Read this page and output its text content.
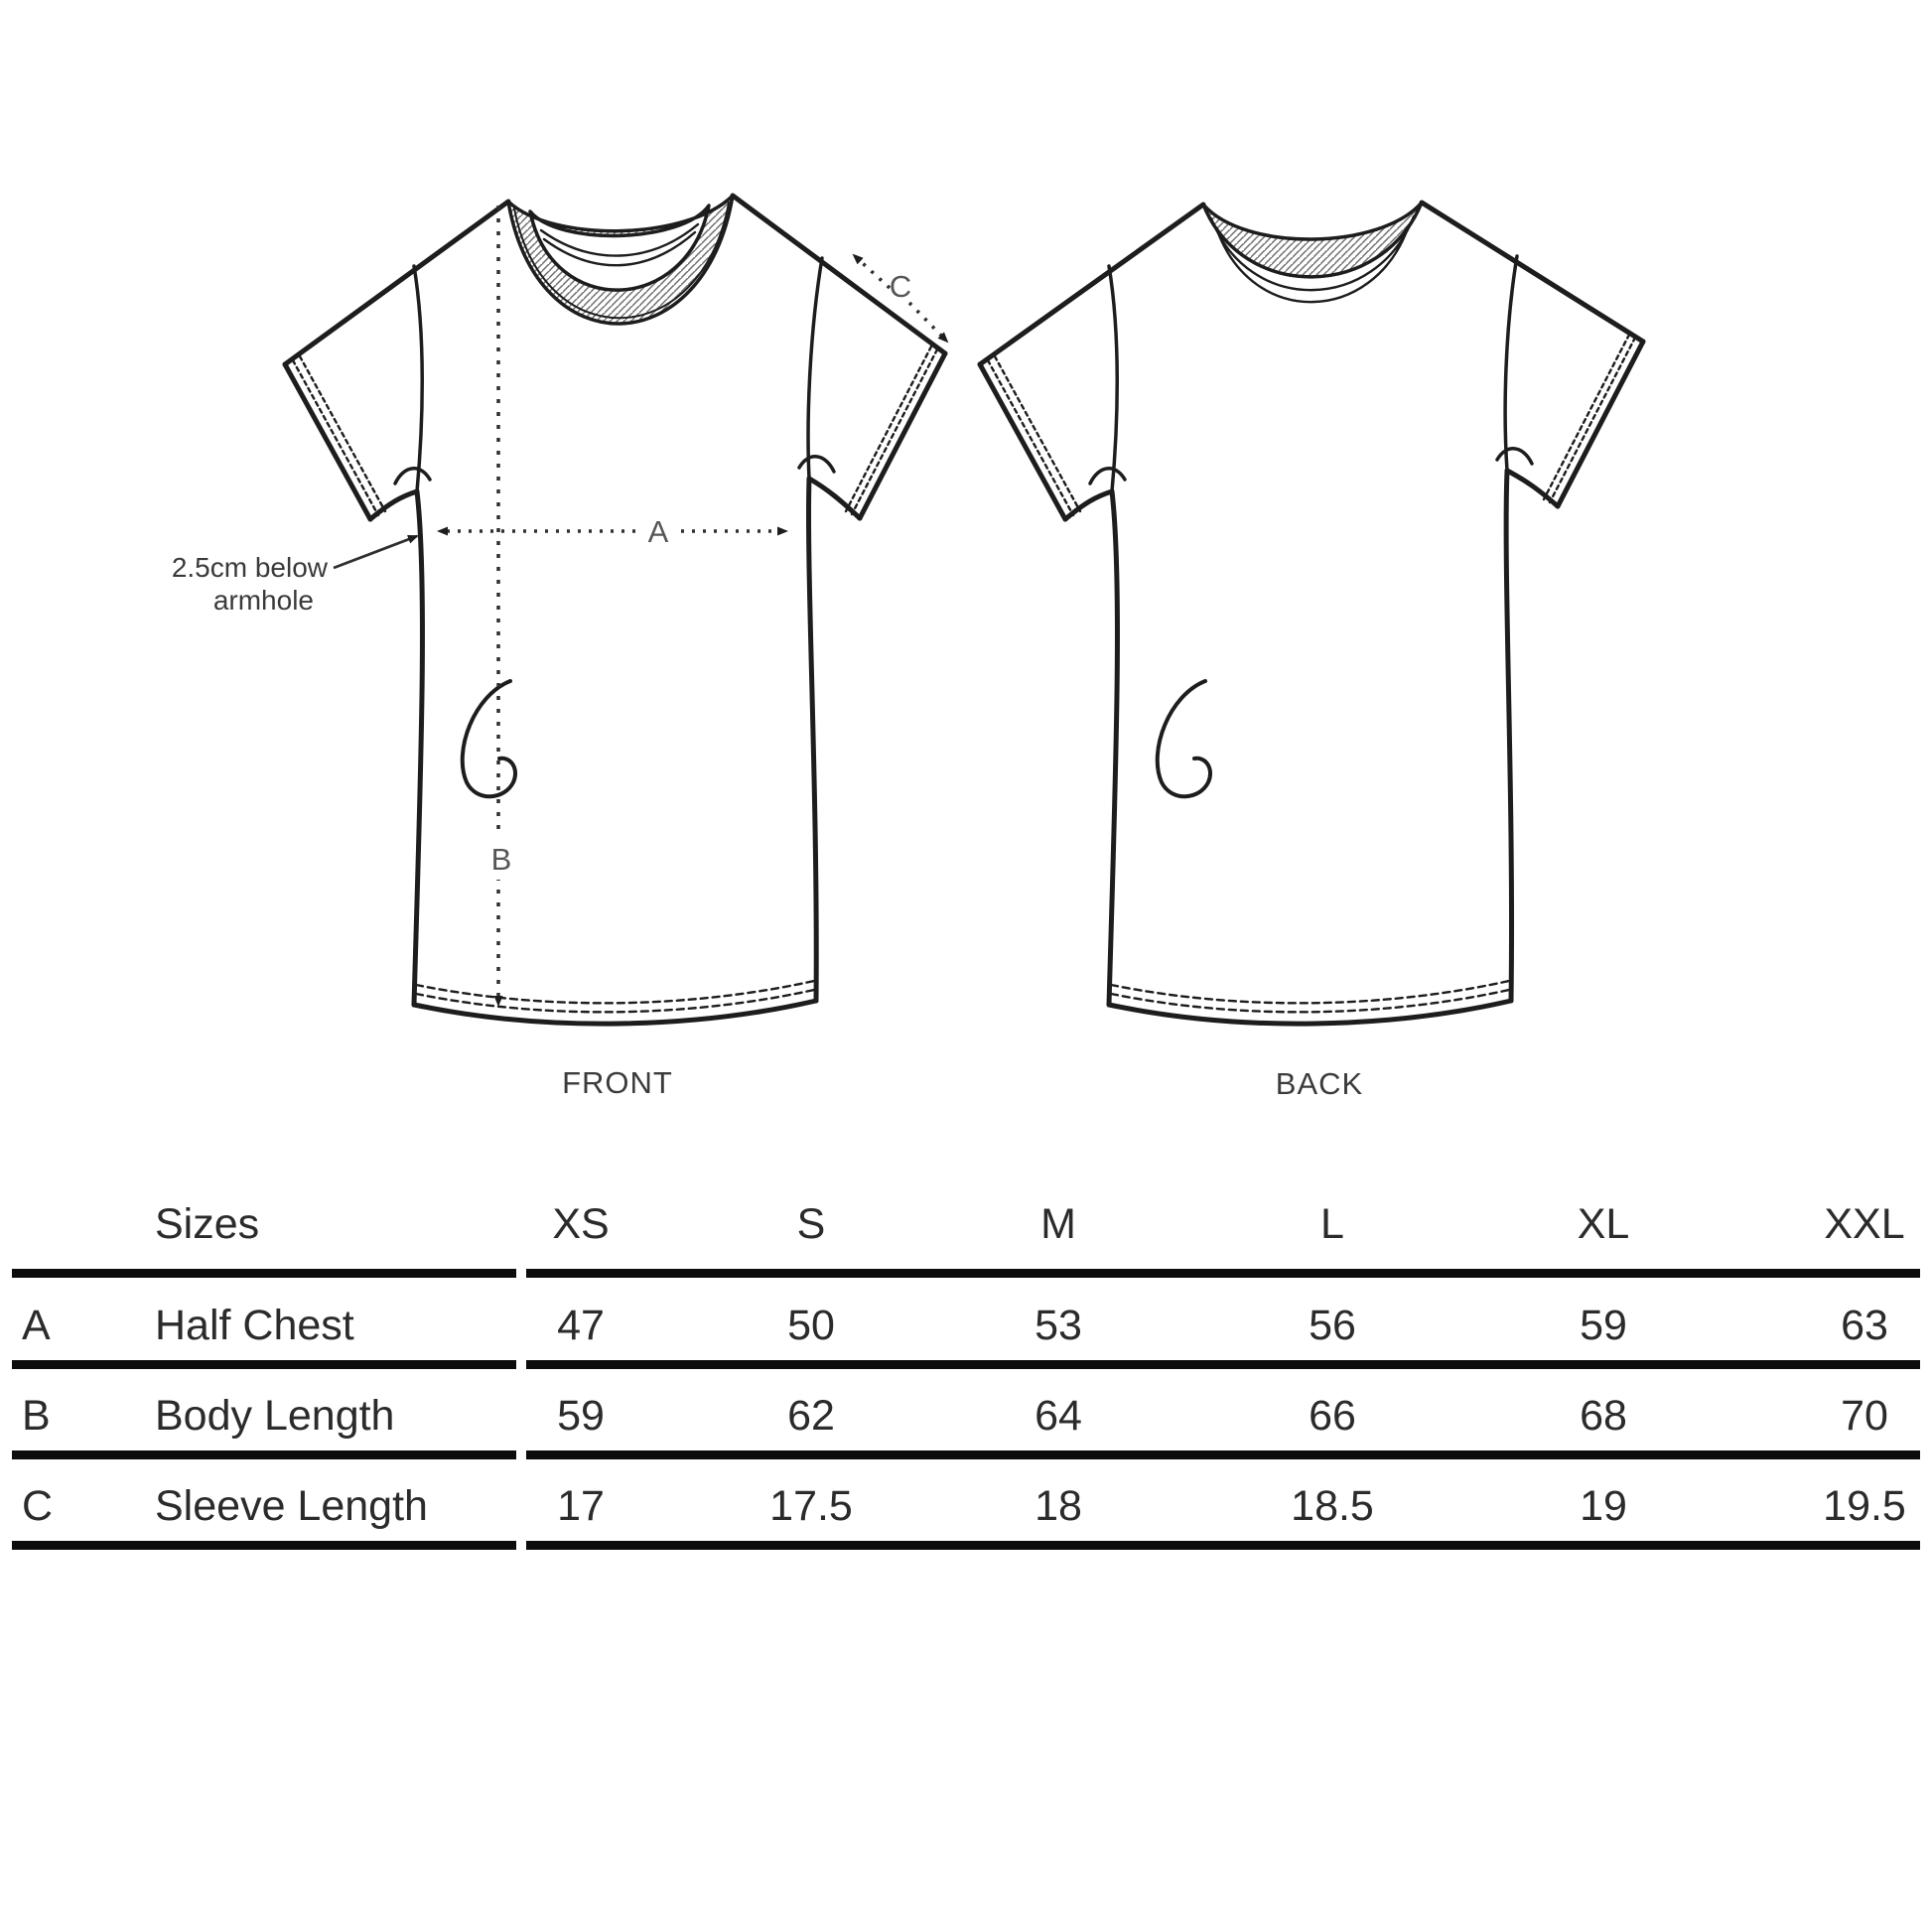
A
B
C
2.5cm below
armhole
FRONT	BACK
Sizes	XS	S	M	L	XL	XXL
A Half Chest	47	50	53	56	59	63
B Body Length	59	62	64	66	68	70
C Sleeve Length	17	17.5	18	18.5	19	19.5
